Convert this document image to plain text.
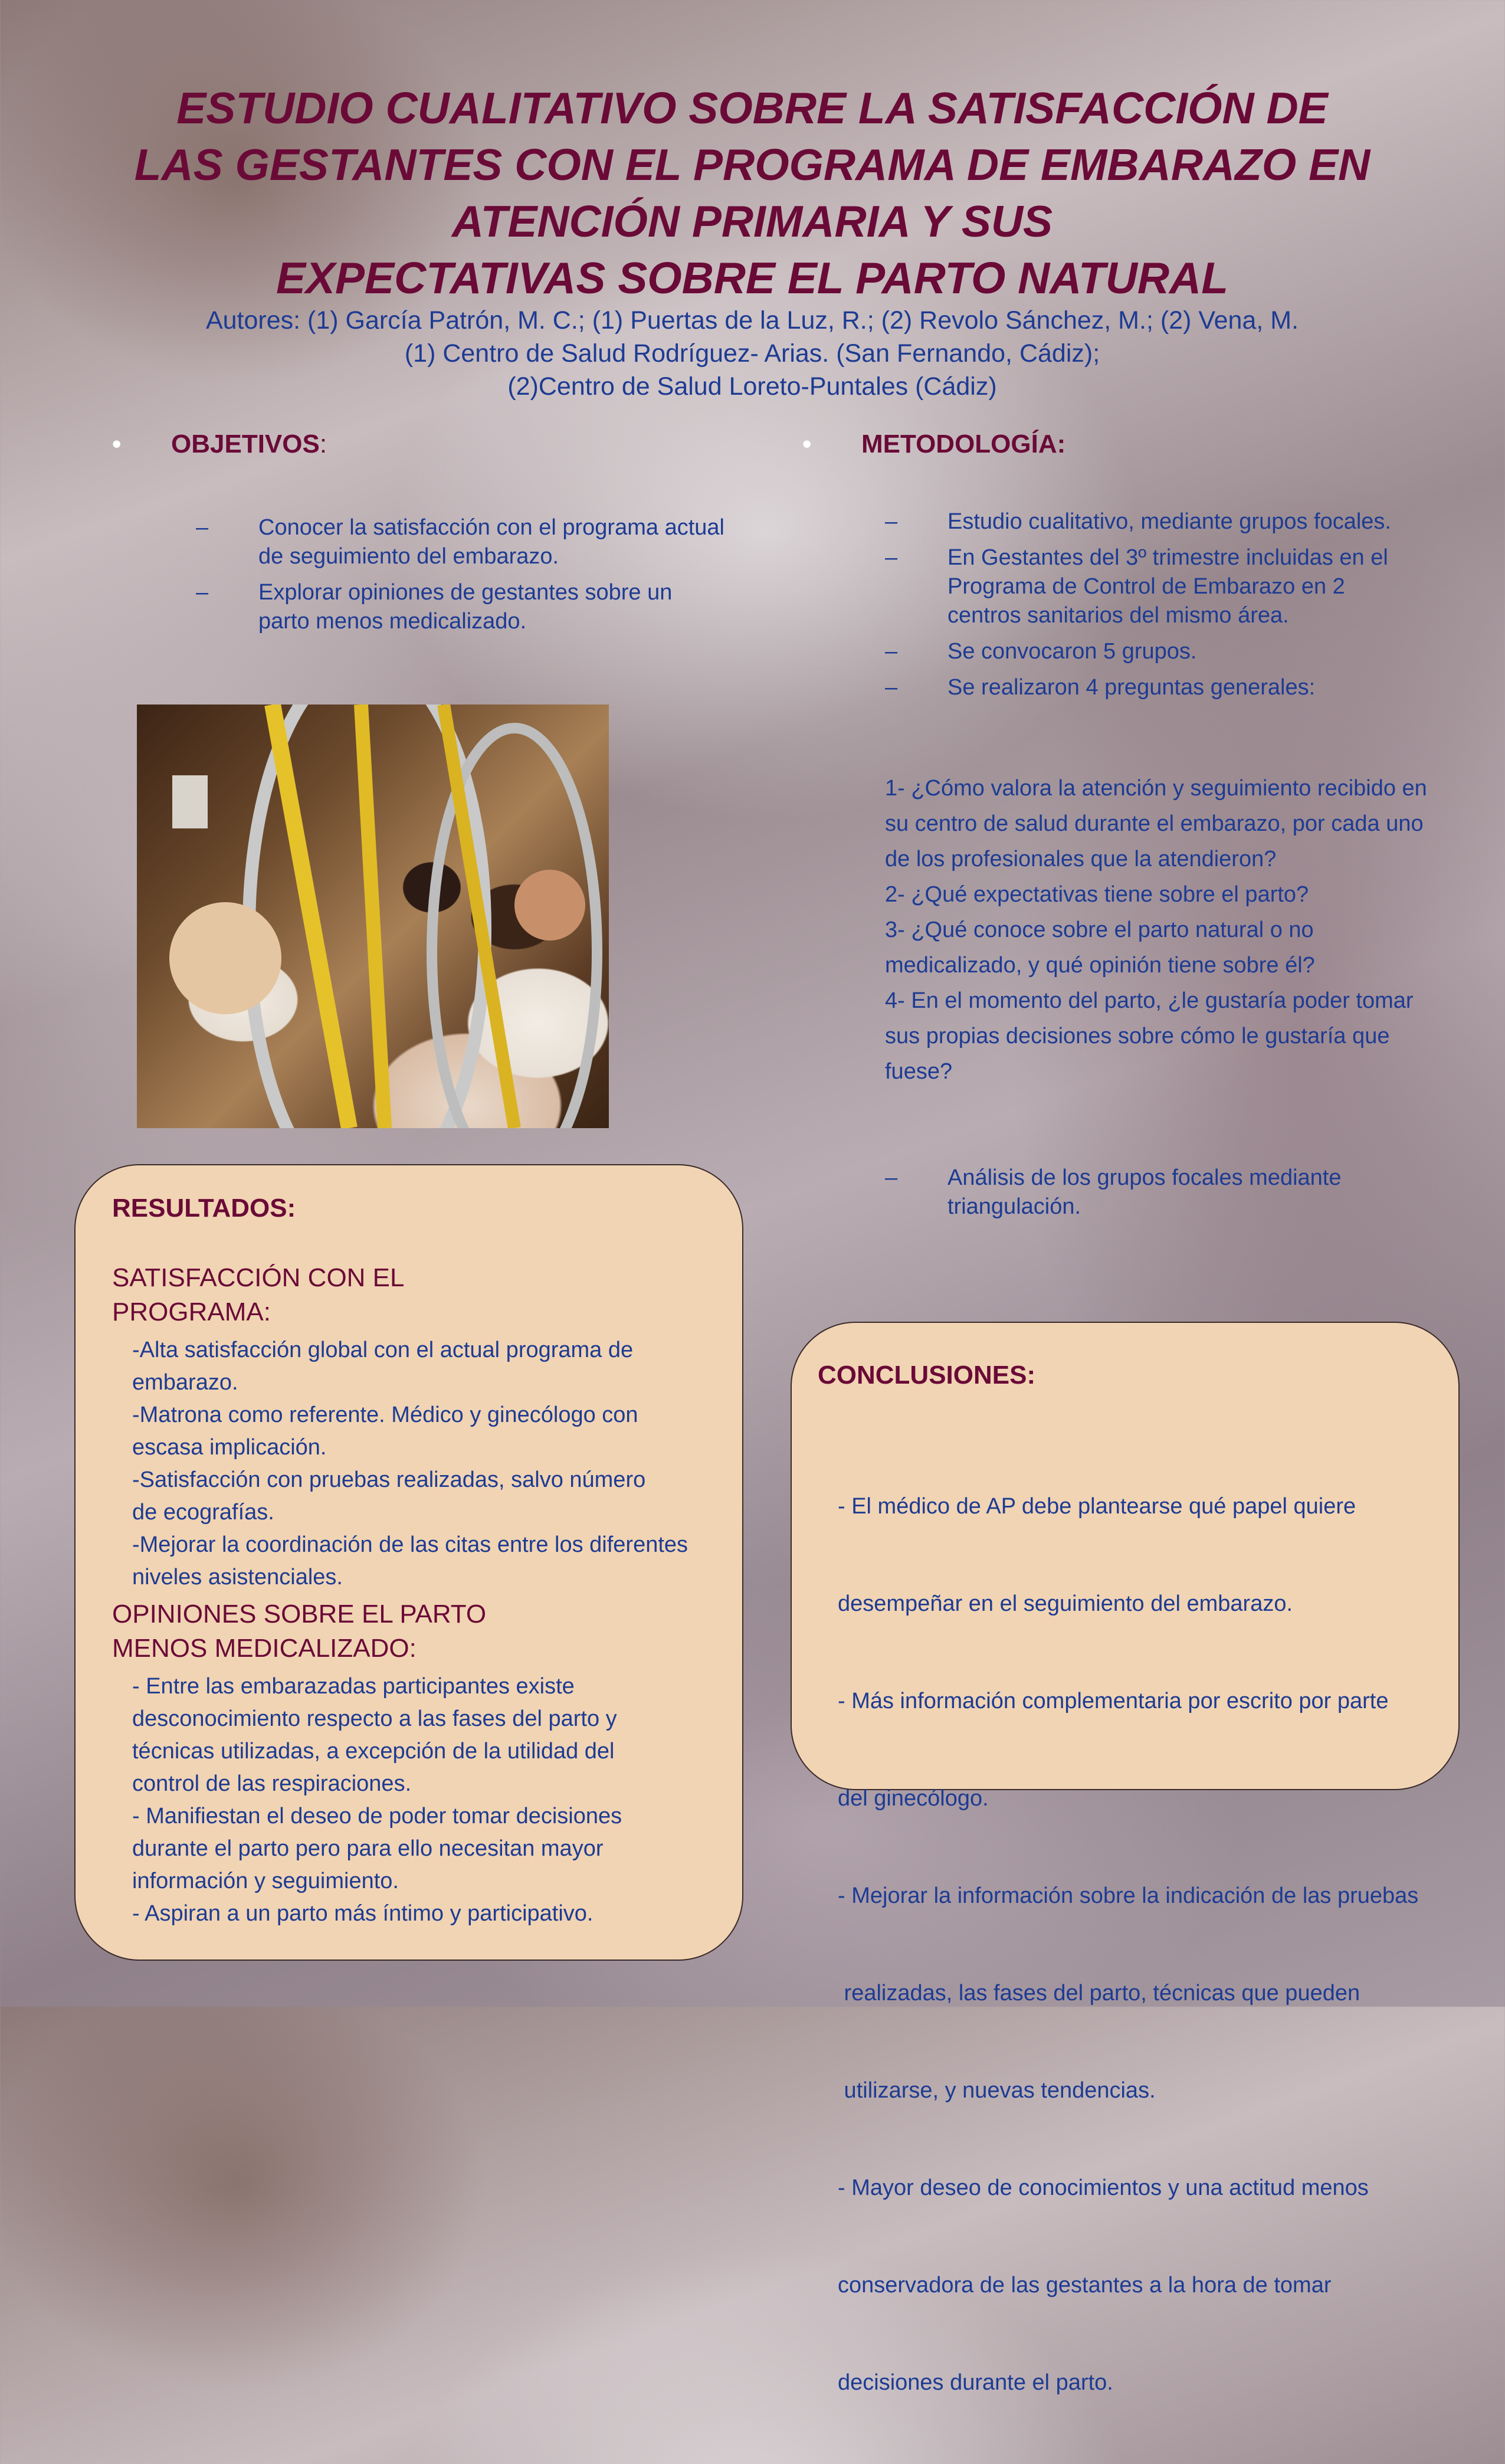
ESTUDIO CUALITATIVO SOBRE LA SATISFACCIÓN DE
LAS GESTANTES CON EL PROGRAMA DE EMBARAZO EN
ATENCIÓN PRIMARIA Y SUS
EXPECTATIVAS SOBRE EL PARTO NATURAL
Autores: (1) García Patrón, M. C.; (1) Puertas de la Luz, R.; (2) Revolo Sánchez, M.; (2) Vena, M.
(1) Centro de Salud Rodríguez- Arias. (San Fernando, Cádiz);
(2)Centro de Salud Loreto-Puntales (Cádiz)
• OBJETIVOS:
– Conocer la satisfacción con el programa actual de seguimiento del embarazo.
– Explorar opiniones de gestantes sobre un parto menos medicalizado.
• METODOLOGÍA:
– Estudio cualitativo, mediante grupos focales.
– En Gestantes del 3º trimestre incluidas en el Programa de Control de Embarazo en 2 centros sanitarios del mismo área.
– Se convocaron 5 grupos.
– Se realizaron 4 preguntas generales:

1- ¿Cómo valora la atención y seguimiento recibido en su centro de salud durante el embarazo, por cada uno de los profesionales que la atendieron?

2- ¿Qué expectativas tiene sobre el parto?

3- ¿Qué conoce sobre el parto natural o no medicalizado, y qué opinión tiene sobre él?

4- En el momento del parto, ¿le gustaría poder tomar sus propias decisiones sobre cómo le gustaría que fuese?

– Análisis de los grupos focales mediante triangulación.
RESULTADOS:
SATISFACCIÓN CON EL
PROGRAMA:
-Alta satisfacción global con el actual programa de
embarazo.
-Matrona como referente. Médico y ginecólogo con
escasa implicación.
-Satisfacción con pruebas realizadas, salvo número
de ecografías.
-Mejorar la coordinación de las citas entre los diferentes
niveles asistenciales.
OPINIONES SOBRE EL PARTO
MENOS MEDICALIZADO:
- Entre las embarazadas participantes existe
desconocimiento respecto a las fases del parto y
técnicas utilizadas, a excepción de la utilidad del
control de las respiraciones.
- Manifiestan el deseo de poder tomar decisiones
durante el parto pero para ello necesitan mayor
información y seguimiento.
- Aspiran a un parto más íntimo y participativo.
CONCLUSIONES:

- El médico de AP debe plantearse qué papel quiere

desempeñar en el seguimiento del embarazo.

- Más información complementaria por escrito por parte

del ginecólogo.

- Mejorar la información sobre la indicación de las pruebas

realizadas, las fases del parto, técnicas que pueden

utilizarse, y nuevas tendencias.

- Mayor deseo de conocimientos y una actitud menos

conservadora de las gestantes a la hora de tomar

decisiones durante el parto.
